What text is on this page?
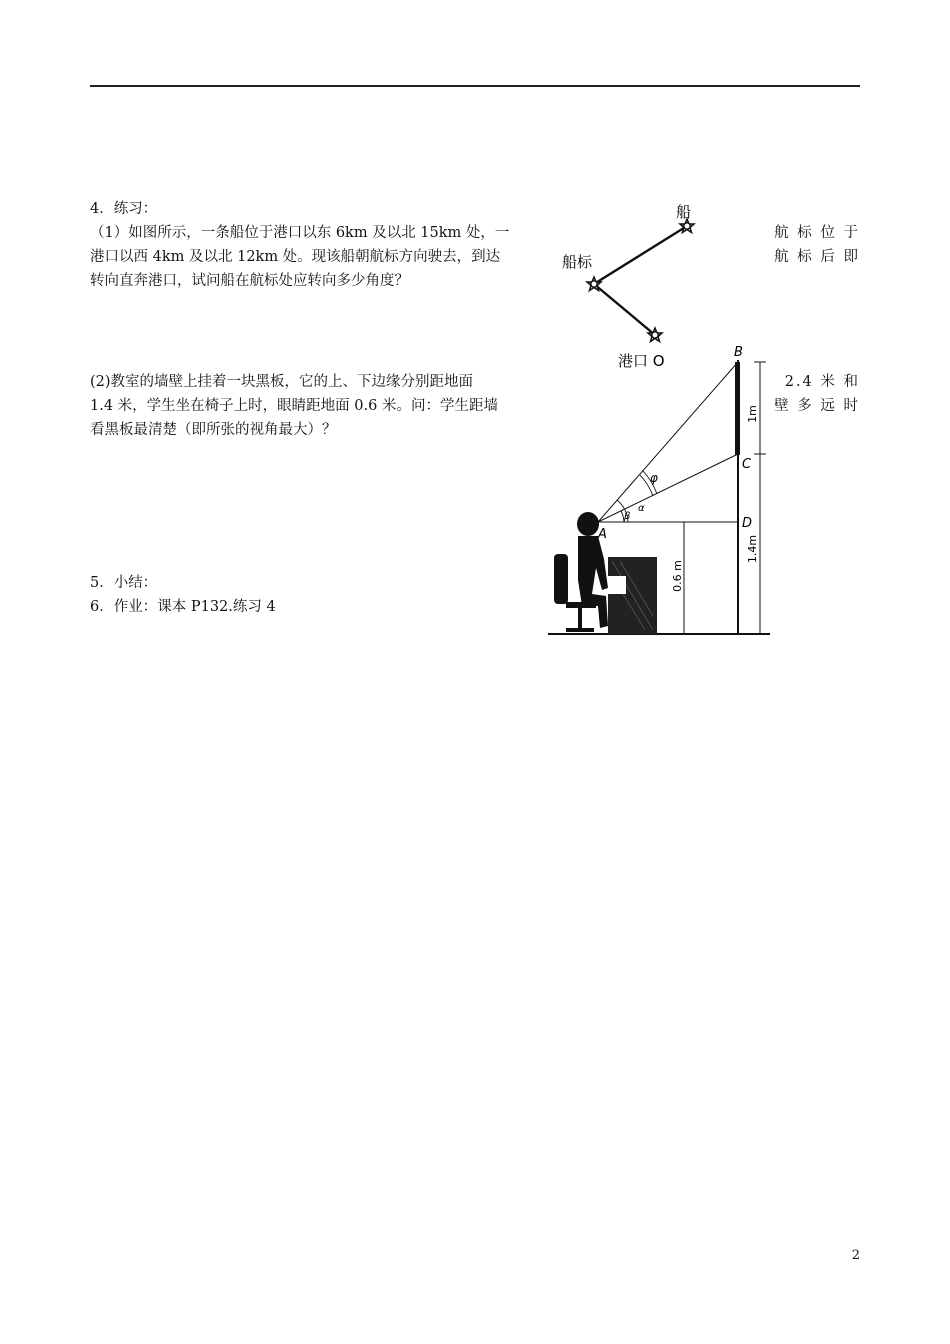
4．练习：
（1）如图所示，一条船位于港口以东 6km 及以北 15km 处，一	航 标 位 于
港口以西 4km 及以北 12km 处。现该船朝航标方向驶去，到达	航 标 后 即
转向直奔港口，试问船在航标处应转向多少角度？
(2)教室的墙壁上挂着一块黑板，它的上、下边缘分别距地面	2.4 米 和
1.4 米，学生坐在椅子上时，眼睛距地面 0.6 米。问：学生距墙	壁 多 远 时
看黑板最清楚（即所张的视角最大）？
5．小结：
6．作业：课本 P132.练习 4
船
船标
港口 O	B
C
D
A
φ
α
β
1m
1.4m
0.6 m
2
